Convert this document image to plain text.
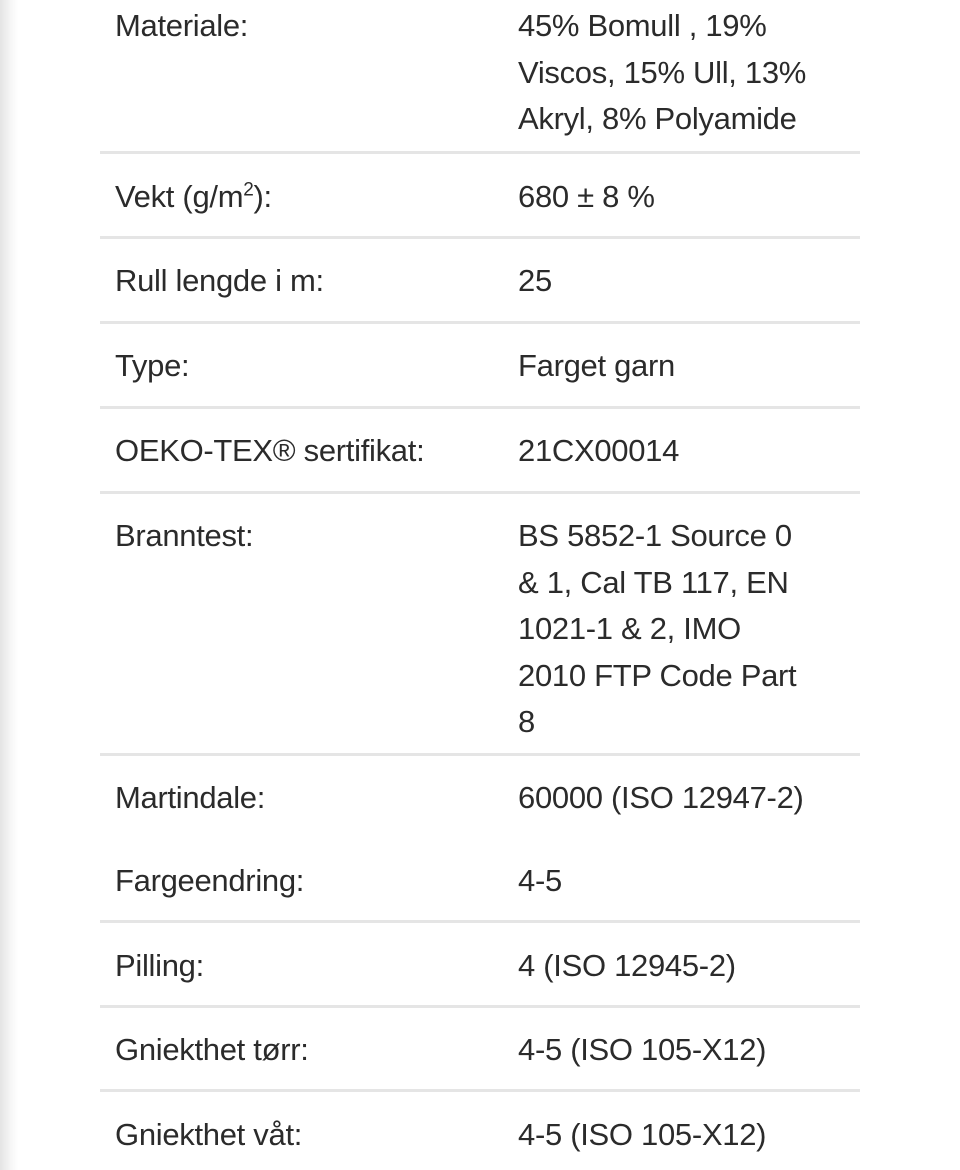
Materiale:	45% Bomull , 19%
Viscos, 15% Ull, 13%
Akryl, 8% Polyamide
Vekt $(g/m^2)$:	680 ± 8 %
Rull lengde i m:	25
Type:	Farget garn
OEKO-TEX® sertifikat:	21CX00014
Branntest:	BS 5852-1 Source 0
& 1, Cal TB 117, EN
1021-1 & 2, IMO
2010 FTP Code Part
8
Martindale:	60000 (ISO 12947-2)
Fargeendring:	4-5
Pilling:	4 (ISO 12945-2)
Gniekthet tørr:	4-5 (ISO 105-X12)
Gniekthet våt:	4-5 (ISO 105-X12)
